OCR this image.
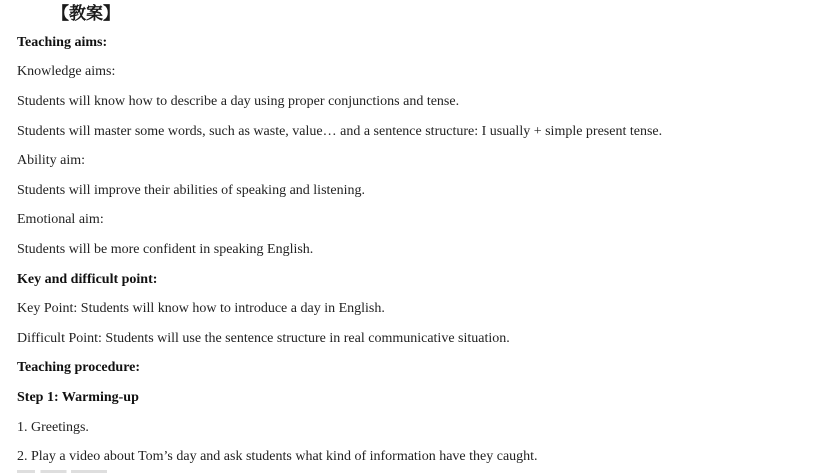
【教案】
Teaching aims:
Knowledge aims:
Students will know how to describe a day using proper conjunctions and tense.
Students will master some words, such as waste, value… and a sentence structure: I usually + simple present tense.
Ability aim:
Students will improve their abilities of speaking and listening.
Emotional aim:
Students will be more confident in speaking English.
Key and difficult point:
Key Point: Students will know how to introduce a day in English.
Difficult Point: Students will use the sentence structure in real communicative situation.
Teaching procedure:
Step 1: Warming-up
1. Greetings.
2. Play a video about Tom’s day and ask students what kind of information have they caught.
